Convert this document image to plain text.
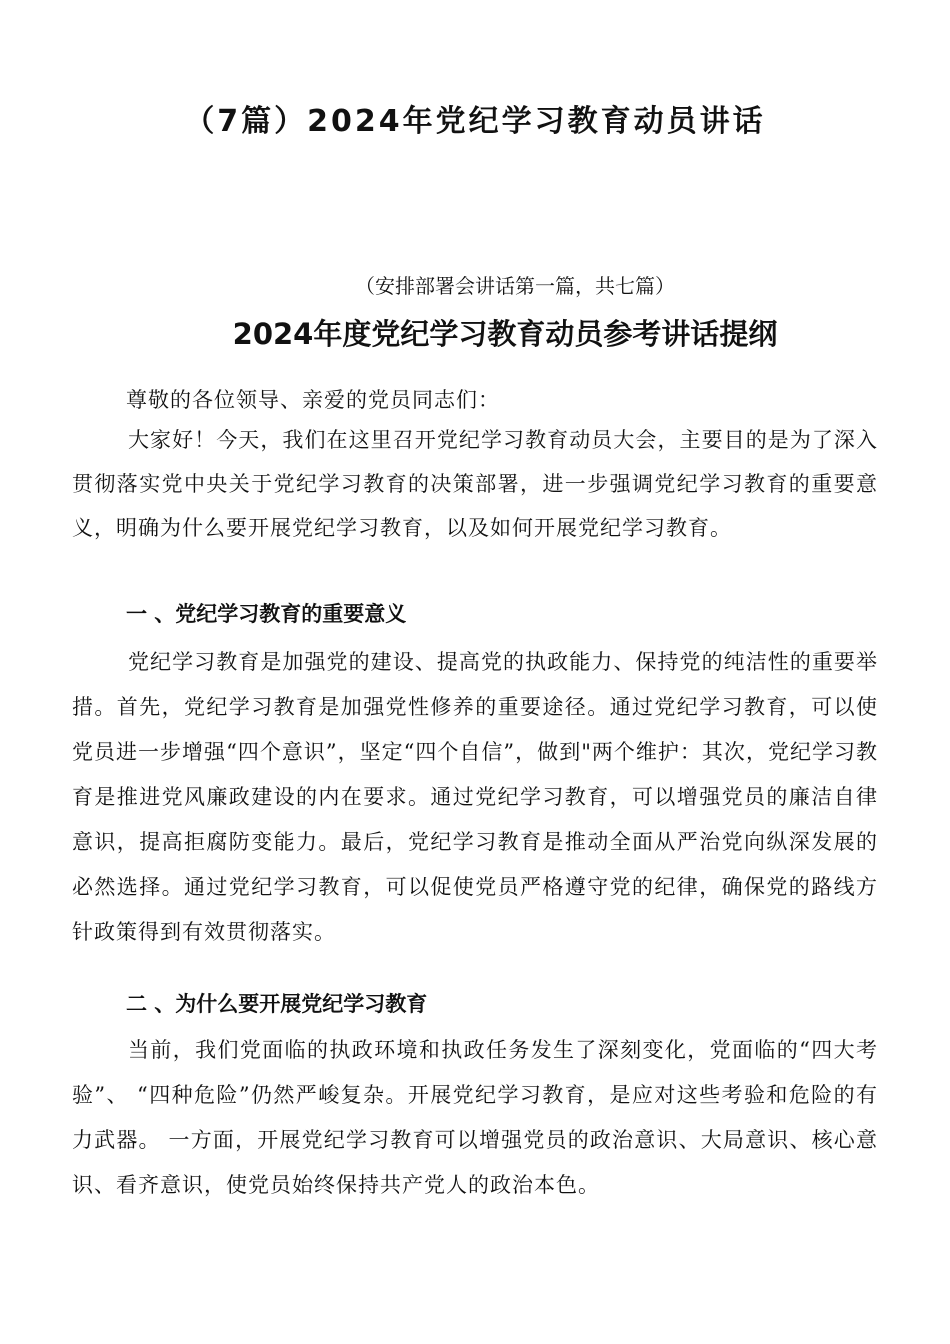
（7篇）2024年党纪学习教育动员讲话

（安排部署会讲话第一篇，共七篇）

2024年度党纪学习教育动员参考讲话提纲

尊敬的各位领导、亲爱的党员同志们：

大家好！今天，我们在这里召开党纪学习教育动员大会，主要目的是为了深入贯彻落实党中央关于党纪学习教育的决策部署，进一步强调党纪学习教育的重要意义，明确为什么要开展党纪学习教育，以及如何开展党纪学习教育。

一 、党纪学习教育的重要意义

党纪学习教育是加强党的建设、提高党的执政能力、保持党的纯洁性的重要举措。首先，党纪学习教育是加强党性修养的重要途径。通过党纪学习教育，可以使党员进一步增强“四个意识”，坚定“四个自信”，做到"两个维护：其次，党纪学习教育是推进党风廉政建设的内在要求。通过党纪学习教育，可以增强党员的廉洁自律意识，提高拒腐防变能力。最后，党纪学习教育是推动全面从严治党向纵深发展的必然选择。通过党纪学习教育，可以促使党员严格遵守党的纪律，确保党的路线方针政策得到有效贯彻落实。

二 、为什么要开展党纪学习教育

当前，我们党面临的执政环境和执政任务发生了深刻变化，党面临的“四大考验”、 “四种危险”仍然严峻复杂。开展党纪学习教育，是应对这些考验和危险的有力武器。 一方面，开展党纪学习教育可以增强党员的政治意识、大局意识、核心意识、看齐意识，使党员始终保持共产党人的政治本色。
